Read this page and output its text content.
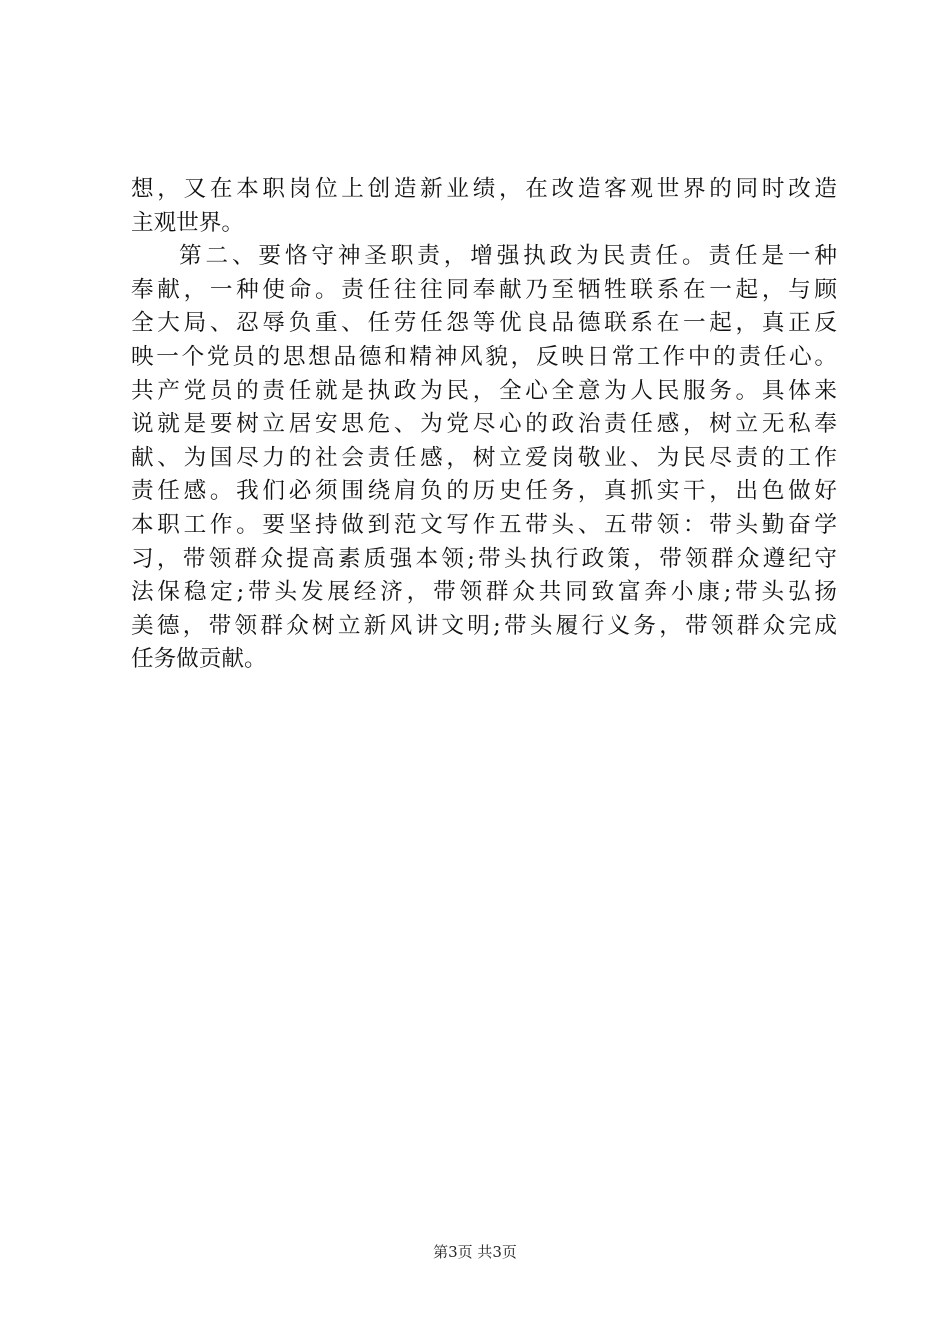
想，又在本职岗位上创造新业绩，在改造客观世界的同时改造
主观世界。
第二、要恪守神圣职责，增强执政为民责任。责任是一种
奉献，一种使命。责任往往同奉献乃至牺牲联系在一起，与顾
全大局、忍辱负重、任劳任怨等优良品德联系在一起，真正反
映一个党员的思想品德和精神风貌，反映日常工作中的责任心。
共产党员的责任就是执政为民，全心全意为人民服务。具体来
说就是要树立居安思危、为党尽心的政治责任感，树立无私奉
献、为国尽力的社会责任感，树立爱岗敬业、为民尽责的工作
责任感。我们必须围绕肩负的历史任务，真抓实干，出色做好
本职工作。要坚持做到范文写作五带头、五带领：带头勤奋学
习，带领群众提高素质强本领;带头执行政策，带领群众遵纪守
法保稳定;带头发展经济，带领群众共同致富奔小康;带头弘扬
美德，带领群众树立新风讲文明;带头履行义务，带领群众完成
任务做贡献。
第3页 共3页
